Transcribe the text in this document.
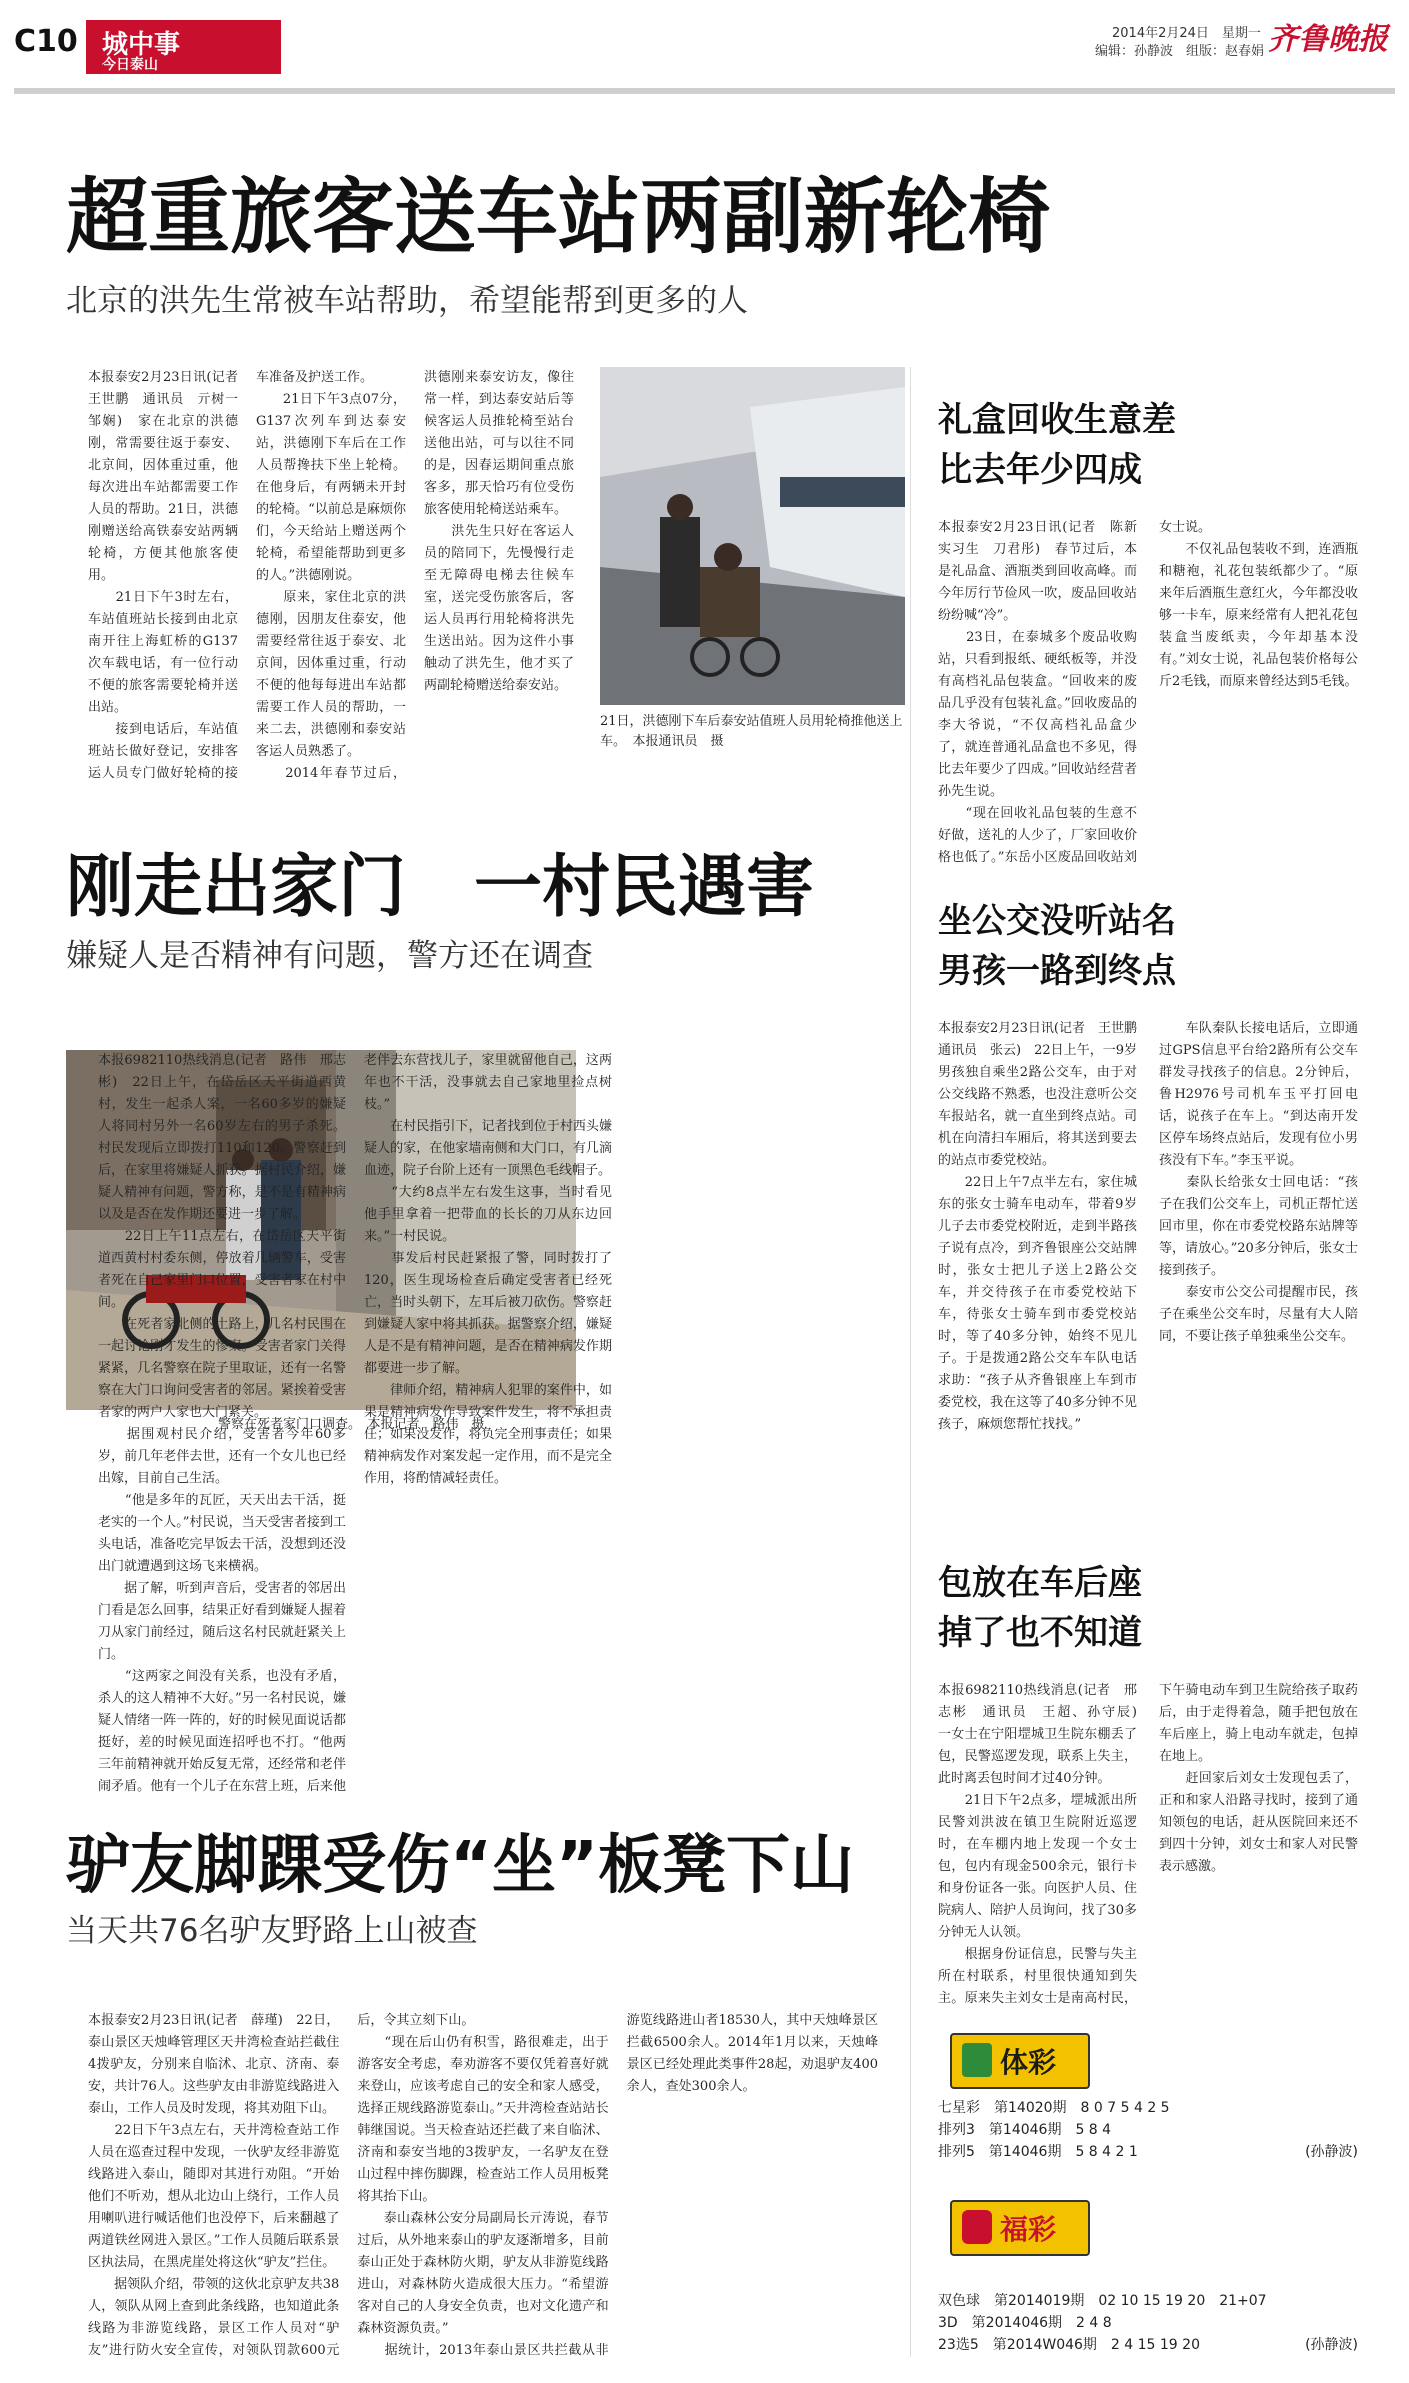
C10 城中事
今日泰山
2014年2月24日　 星期一
编辑：孙静波　组版：赵春娟 齐鲁晚报
超重旅客送车站两副新轮椅
北京的洪先生常被车站帮助，希望能帮到更多的人
本报泰安2月23日讯(记者　王世鹏　通讯员　亓树一　邹娴)　家在北京的洪德刚，常需要往返于泰安、北京间，因体重过重，他每次进出车站都需要工作人员的帮助。21日，洪德刚赠送给高铁泰安站两辆轮椅，方便其他旅客使用。
　　21日下午3时左右，车站值班站长接到由北京南开往上海虹桥的G137次车载电话，有一位行动不便的旅客需要轮椅并送出站。
　　接到电话后，车站值班站长做好登记，安排客运人员专门做好轮椅的接车准备及护送工作。
　　21日下午3点07分，G137次列车到达泰安站，洪德刚下车后在工作人员帮搀扶下坐上轮椅。在他身后，有两辆未开封的轮椅。“以前总是麻烦你们，今天给站上赠送两个轮椅，希望能帮助到更多的人。”洪德刚说。
　　原来，家住北京的洪德刚，因朋友住泰安，他需要经常往返于泰安、北京间，因体重过重，行动不便的他每每进出车站都需要工作人员的帮助，一来二去，洪德刚和泰安站客运人员熟悉了。
　　2014年春节过后，洪德刚来泰安访友，像往常一样，到达泰安站后等候客运人员推轮椅至站台送他出站，可与以往不同的是，因春运期间重点旅客多，那天恰巧有位受伤旅客使用轮椅送站乘车。
　　洪先生只好在客运人员的陪同下，先慢慢行走至无障碍电梯去往候车室，送完受伤旅客后，客运人员再行用轮椅将洪先生送出站。因为这件小事触动了洪先生，他才买了两副轮椅赠送给泰安站。
21日，洪德刚下车后泰安站值班人员用轮椅推他送上车。　本报通讯员　摄
刚走出家门　一村民遇害
嫌疑人是否精神有问题，警方还在调查
警察在死者家门口调查。　本报记者　路伟　摄
本报6982110热线消息(记者　路伟　邢志彬)　22日上午，在岱岳区天平街道西黄村，发生一起杀人案，一名60多岁的嫌疑人将同村另外一名60岁左右的男子杀死。村民发现后立即拨打110和120。警察赶到后，在家里将嫌疑人抓获。据村民介绍，嫌疑人精神有问题，警方称，是不是有精神病以及是否在发作期还要进一步了解。
　　22日上午11点左右，在岱岳区天平街道西黄村村委东侧，停放着几辆警车，受害者死在自己家里门口位置，受害者家在村中间。
　　在死者家北侧的土路上，几名村民围在一起讨论刚才发生的惨案。受害者家门关得紧紧，几名警察在院子里取证，还有一名警察在大门口询问受害者的邻居。紧挨着受害者家的两户人家也大门紧关。
　　据围观村民介绍，受害者今年60多岁，前几年老伴去世，还有一个女儿也已经出嫁，目前自己生活。
　　“他是多年的瓦匠，天天出去干活，挺老实的一个人。”村民说，当天受害者接到工头电话，准备吃完早饭去干活，没想到还没出门就遭遇到这场飞来横祸。
　　据了解，听到声音后，受害者的邻居出门看是怎么回事，结果正好看到嫌疑人握着刀从家门前经过，随后这名村民就赶紧关上门。
　　“这两家之间没有关系，也没有矛盾，杀人的这人精神不大好。”另一名村民说，嫌疑人情绪一阵一阵的，好的时候见面说话都挺好，差的时候见面连招呼也不打。“他两三年前精神就开始反复无常，还经常和老伴闹矛盾。他有一个儿子在东营上班，后来他老伴去东营找儿子，家里就留他自己，这两年也不干活，没事就去自己家地里捡点树枝。”
　　在村民指引下，记者找到位于村西头嫌疑人的家，在他家墙南侧和大门口，有几滴血迹，院子台阶上还有一顶黑色毛线帽子。
　　“大约8点半左右发生这事，当时看见他手里拿着一把带血的长长的刀从东边回来。”一村民说。
　　事发后村民赶紧报了警，同时拨打了120，医生现场检查后确定受害者已经死亡，当时头朝下，左耳后被刀砍伤。警察赶到嫌疑人家中将其抓获。据警察介绍，嫌疑人是不是有精神问题，是否在精神病发作期都要进一步了解。
　　律师介绍，精神病人犯罪的案件中，如果是精神病发作导致案件发生，将不承担责任；如果没发作，将负完全刑事责任；如果精神病发作对案发起一定作用，而不是完全作用，将酌情减轻责任。
驴友脚踝受伤“坐”板凳下山
当天共76名驴友野路上山被查
本报泰安2月23日讯(记者　薛瑾)　22日，泰山景区天烛峰管理区天井湾检查站拦截住4拨驴友，分别来自临沭、北京、济南、泰安，共计76人。这些驴友由非游览线路进入泰山，工作人员及时发现，将其劝阻下山。
　　22日下午3点左右，天井湾检查站工作人员在巡查过程中发现，一伙驴友经非游览线路进入泰山，随即对其进行劝阻。“开始他们不听劝，想从北边山上绕行，工作人员用喇叭进行喊话他们也没停下，后来翻越了两道铁丝网进入景区。”工作人员随后联系景区执法局，在黑虎崖处将这伙“驴友”拦住。
　　据领队介绍，带领的这伙北京驴友共38人，领队从网上查到此条线路，也知道此条线路为非游览线路，景区工作人员对“驴友”进行防火安全宣传，对领队罚款600元后，令其立刻下山。
　　“现在后山仍有积雪，路很难走，出于游客安全考虑，奉劝游客不要仅凭着喜好就来登山，应该考虑自己的安全和家人感受，选择正规线路游览泰山。”天井湾检查站站长韩继国说。当天检查站还拦截了来自临沭、济南和泰安当地的3拨驴友，一名驴友在登山过程中摔伤脚踝，检查站工作人员用板凳将其抬下山。
　　泰山森林公安分局副局长亓涛说，春节过后，从外地来泰山的驴友逐渐增多，目前泰山正处于森林防火期，驴友从非游览线路进山，对森林防火造成很大压力。“希望游客对自己的人身安全负责，也对文化遗产和森林资源负责。”
　　据统计，2013年泰山景区共拦截从非游览线路进山者18530人，其中天烛峰景区拦截6500余人。2014年1月以来，天烛峰景区已经处理此类事件28起，劝退驴友400余人，查处300余人。
礼盒回收生意差
比去年少四成
本报泰安2月23日讯(记者　陈新　实习生　刀君彤)　春节过后，本是礼品盒、酒瓶类到回收高峰。而今年厉行节俭风一吹，废品回收站纷纷喊“冷”。
　　23日，在泰城多个废品收购站，只看到报纸、硬纸板等，并没有高档礼品包装盒。“回收来的废品几乎没有包装礼盒。”回收废品的李大爷说，“不仅高档礼品盒少了，就连普通礼品盒也不多见，得比去年要少了四成。”回收站经营者孙先生说。
　　“现在回收礼品包装的生意不好做，送礼的人少了，厂家回收价格也低了。”东岳小区废品回收站刘女士说。
　　不仅礼品包装收不到，连酒瓶和糖袍，礼花包装纸都少了。“原来年后酒瓶生意红火，今年都没收够一卡车，原来经常有人把礼花包装盒当废纸卖，今年却基本没有。”刘女士说，礼品包装价格每公斤2毛钱，而原来曾经达到5毛钱。
坐公交没听站名
男孩一路到终点
本报泰安2月23日讯(记者　王世鹏　通讯员　张云)　22日上午，一9岁男孩独自乘坐2路公交车，由于对公交线路不熟悉，也没注意听公交车报站名，就一直坐到终点站。司机在向清扫车厢后，将其送到要去的站点市委党校站。
　　22日上午7点半左右，家住城东的张女士骑车电动车，带着9岁儿子去市委党校附近，走到半路孩子说有点冷，到齐鲁银座公交站牌时，张女士把儿子送上2路公交车，并交待孩子在市委党校站下车，待张女士骑车到市委党校站时，等了40多分钟，始终不见儿子。于是拨通2路公交车车队电话求助：“孩子从齐鲁银座上车到市委党校，我在这等了40多分钟不见孩子，麻烦您帮忙找找。”
　　车队秦队长接电话后，立即通过GPS信息平台给2路所有公交车群发寻找孩子的信息。2分钟后，鲁H2976号司机车玉平打回电话，说孩子在车上。“到达南开发区停车场终点站后，发现有位小男孩没有下车。”李玉平说。
　　秦队长给张女士回电话：“孩子在我们公交车上，司机正帮忙送回市里，你在市委党校路东站牌等等，请放心。”20多分钟后，张女士接到孩子。
　　泰安市公交公司提醒市民，孩子在乘坐公交车时，尽量有大人陪同，不要让孩子单独乘坐公交车。
包放在车后座
掉了也不知道
本报6982110热线消息(记者　邢志彬　通讯员　王超、孙守辰)　一女士在宁阳堽城卫生院东棚丢了包，民警巡逻发现，联系上失主，此时离丢包时间才过40分钟。
　　21日下午2点多，堽城派出所民警刘洪波在镇卫生院附近巡逻时，在车棚内地上发现一个女士包，包内有现金500余元，银行卡和身份证各一张。向医护人员、住院病人、陪护人员询问，找了30多分钟无人认领。
　　根据身份证信息，民警与失主所在村联系，村里很快通知到失主。原来失主刘女士是南高村民，下午骑电动车到卫生院给孩子取药后，由于走得着急，随手把包放在车后座上，骑上电动车就走，包掉在地上。
　　赶回家后刘女士发现包丢了，正和和家人沿路寻找时，接到了通知领包的电话，赶从医院回来还不到四十分钟，刘女士和家人对民警表示感激。
体彩
七星彩　第14020期　8 0 7 5 4 2 5
排列3　第14046期　5 8 4
排列5　第14046期　5 8 4 2 1	(孙静波)
福彩
双色球　第2014019期　02 10 15 19 20　21+07
3D　第2014046期　2 4 8
23选5　第2014W046期　2 4 15 19 20	(孙静波)
